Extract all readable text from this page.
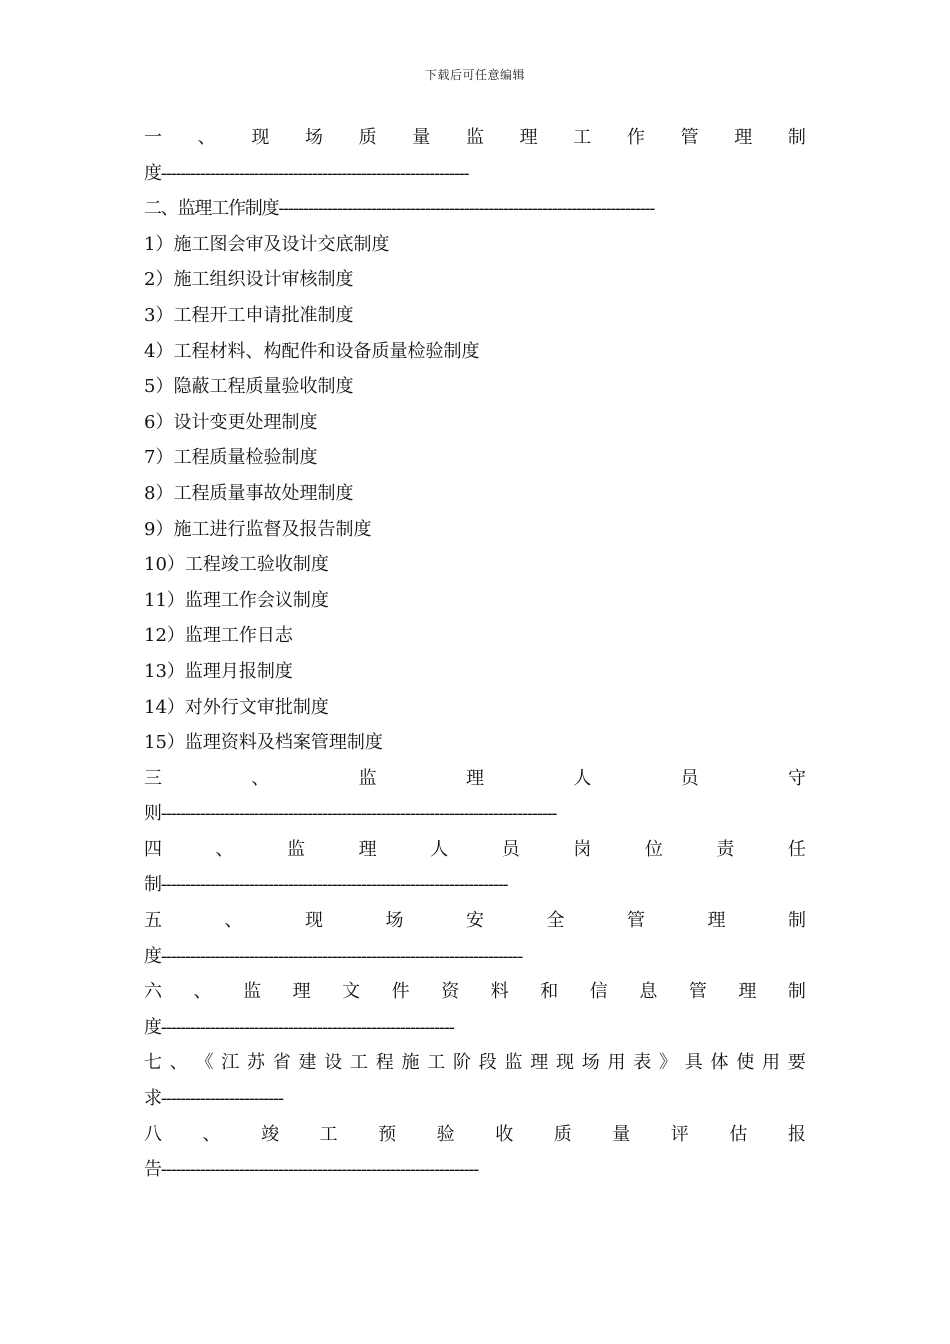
下载后可任意编辑
一 、 现 场 质 量 监 理 工 作 管 理 制
度---------------------------------------------------------------
二、监理工作制度-----------------------------------------------------------------------------
1）施工图会审及设计交底制度
2）施工组织设计审核制度
3）工程开工申请批准制度
4）工程材料、构配件和设备质量检验制度
5）隐蔽工程质量验收制度
6）设计变更处理制度
7）工程质量检验制度
8）工程质量事故处理制度
9）施工进行监督及报告制度
10）工程竣工验收制度
11）监理工作会议制度
12）监理工作日志
13）监理月报制度
14）对外行文审批制度
15）监理资料及档案管理制度
三	、	监	理	人	员	守
则---------------------------------------------------------------------------------
四	、	监	理	人	员	岗	位	责	任
制-----------------------------------------------------------------------
五	、	现	场	安	全	管	理	制
度--------------------------------------------------------------------------
六 、 监 理 文 件 资 料 和 信 息 管 理 制
度------------------------------------------------------------
七 、 《 江 苏 省 建 设 工 程 施 工 阶 段 监 理 现 场 用 表 》 具 体 使 用 要
求-------------------------
八 、 竣 工 预 验 收 质 量 评 估 报
告-----------------------------------------------------------------
